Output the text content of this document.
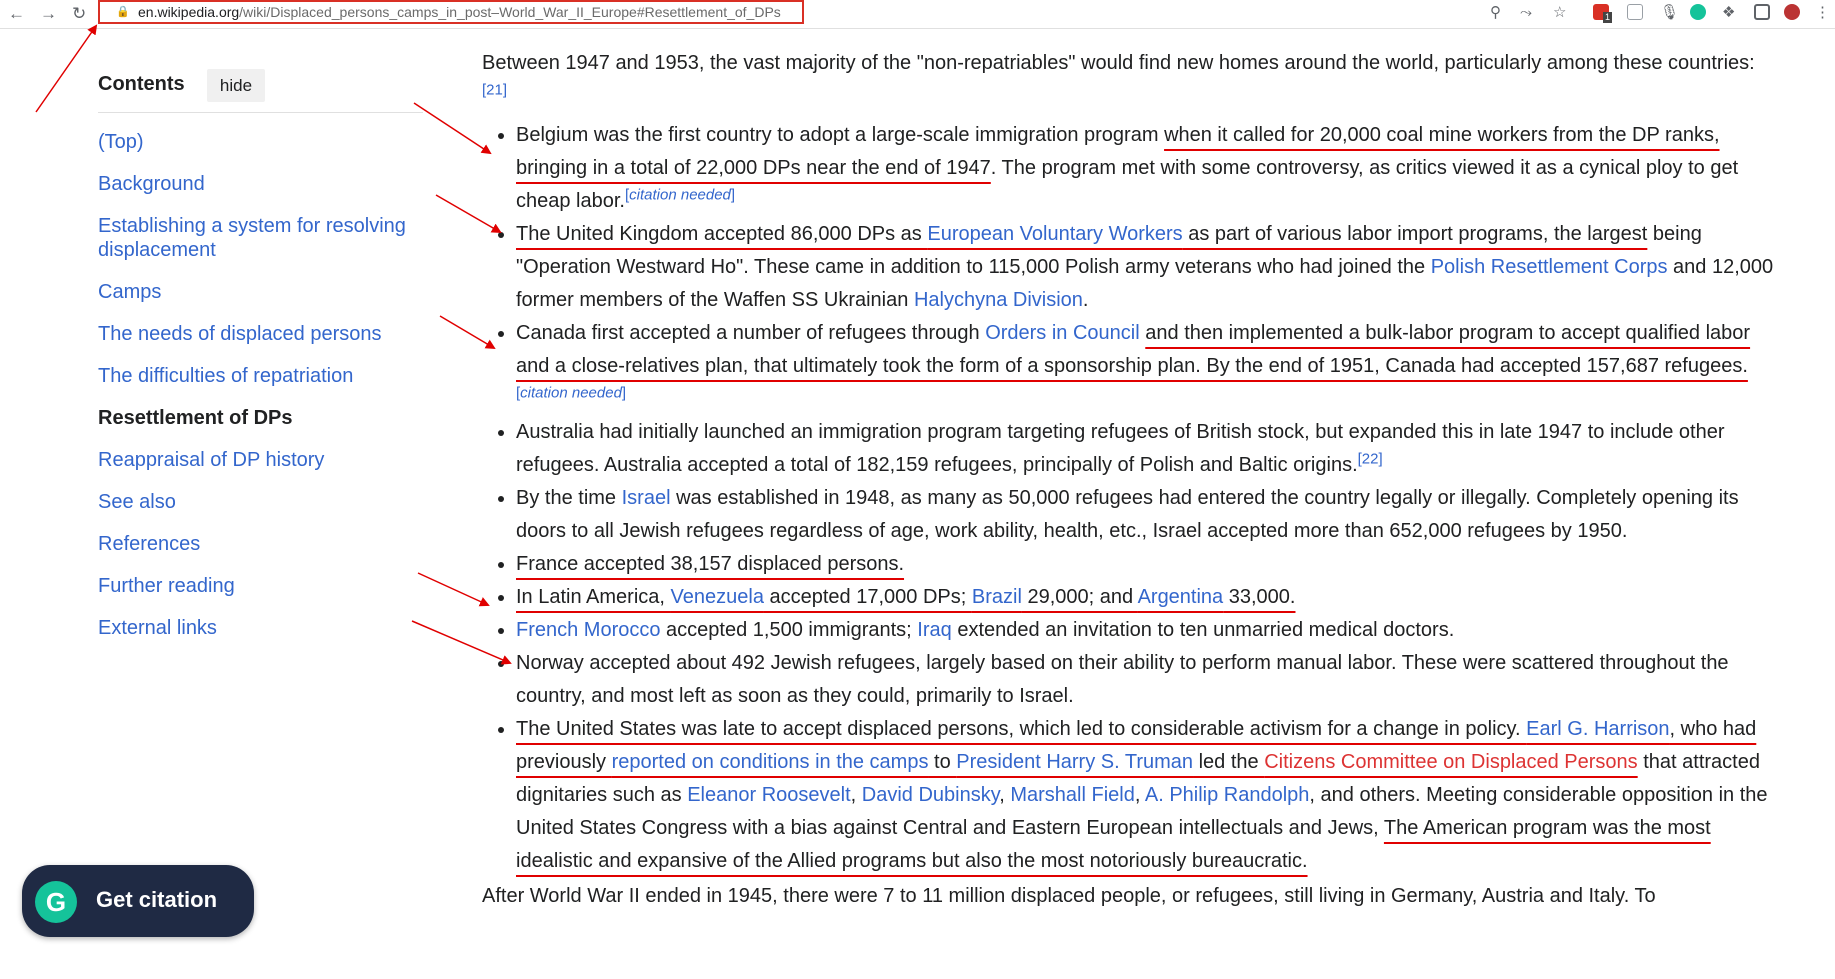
← → ↻	🔒 en.wikipedia.org/wiki/Displaced_persons_camps_in_post–World_War_II_Europe#Resettlement_of_DPs	⚲ ⤳ ☆	1	🎙	❖	⋮
Contents	hide
(Top)
Background
Establishing a system for resolving displacement
Camps
The needs of displaced persons
The difficulties of repatriation
Resettlement of DPs
Reappraisal of DP history
See also
References
Further reading
External links

Between 1947 and 1953, the vast majority of the "non-repatriables" would find new homes around the world, particularly among these countries:[21]

• Belgium was the first country to adopt a large-scale immigration program when it called for 20,000 coal mine workers from the DP ranks, bringing in a total of 22,000 DPs near the end of 1947. The program met with some controversy, as critics viewed it as a cynical ploy to get cheap labor.[citation needed]
• The United Kingdom accepted 86,000 DPs as European Voluntary Workers as part of various labor import programs, the largest being "Operation Westward Ho". These came in addition to 115,000 Polish army veterans who had joined the Polish Resettlement Corps and 12,000 former members of the Waffen SS Ukrainian Halychyna Division.
• Canada first accepted a number of refugees through Orders in Council and then implemented a bulk-labor program to accept qualified labor and a close-relatives plan, that ultimately took the form of a sponsorship plan. By the end of 1951, Canada had accepted 157,687 refugees.[citation needed]
• Australia had initially launched an immigration program targeting refugees of British stock, but expanded this in late 1947 to include other refugees. Australia accepted a total of 182,159 refugees, principally of Polish and Baltic origins.[22]
• By the time Israel was established in 1948, as many as 50,000 refugees had entered the country legally or illegally. Completely opening its doors to all Jewish refugees regardless of age, work ability, health, etc., Israel accepted more than 652,000 refugees by 1950.
• France accepted 38,157 displaced persons.
• In Latin America, Venezuela accepted 17,000 DPs; Brazil 29,000; and Argentina 33,000.
• French Morocco accepted 1,500 immigrants; Iraq extended an invitation to ten unmarried medical doctors.
• Norway accepted about 492 Jewish refugees, largely based on their ability to perform manual labor. These were scattered throughout the country, and most left as soon as they could, primarily to Israel.
• The United States was late to accept displaced persons, which led to considerable activism for a change in policy. Earl G. Harrison, who had previously reported on conditions in the camps to President Harry S. Truman led the Citizens Committee on Displaced Persons that attracted dignitaries such as Eleanor Roosevelt, David Dubinsky, Marshall Field, A. Philip Randolph, and others. Meeting considerable opposition in the United States Congress with a bias against Central and Eastern European intellectuals and Jews, The American program was the most idealistic and expansive of the Allied programs but also the most notoriously bureaucratic.

After World War II ended in 1945, there were 7 to 11 million displaced people, or refugees, still living in Germany, Austria and Italy. To

G	Get citation
